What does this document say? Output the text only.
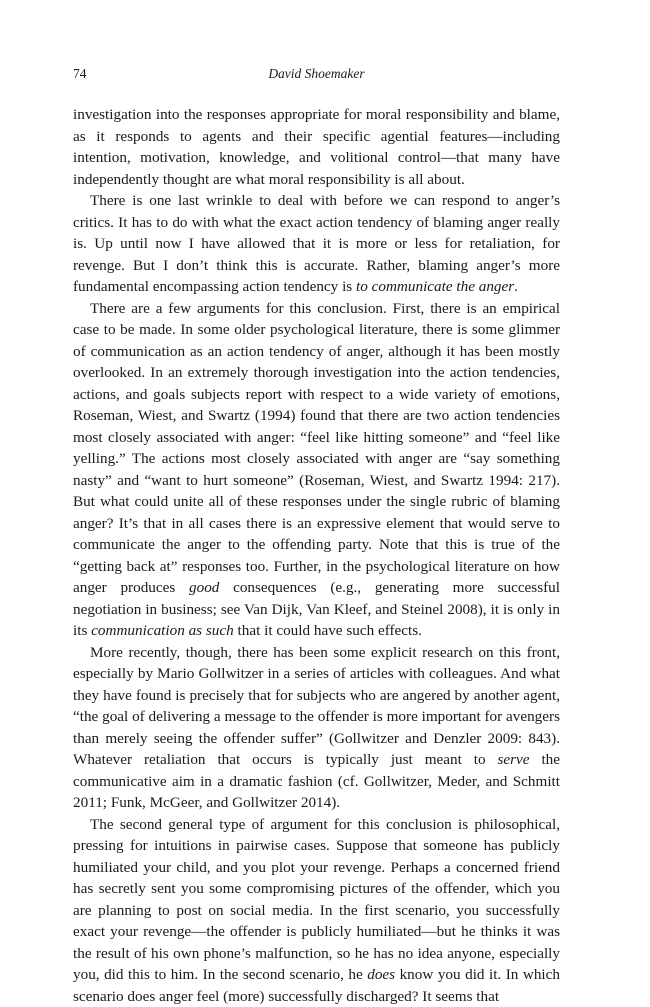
74	David Shoemaker

investigation into the responses appropriate for moral responsibility and blame, as it responds to agents and their specific agential features—including intention, motivation, knowledge, and volitional control—that many have independently thought are what moral responsibility is all about.

There is one last wrinkle to deal with before we can respond to anger’s critics. It has to do with what the exact action tendency of blaming anger really is. Up until now I have allowed that it is more or less for retaliation, for revenge. But I don’t think this is accurate. Rather, blaming anger’s more fundamental encompassing action tendency is to communicate the anger.

There are a few arguments for this conclusion. First, there is an empirical case to be made. In some older psychological literature, there is some glimmer of communication as an action tendency of anger, although it has been mostly overlooked. In an extremely thorough investigation into the action tendencies, actions, and goals subjects report with respect to a wide variety of emotions, Roseman, Wiest, and Swartz (1994) found that there are two action tendencies most closely associated with anger: “feel like hitting someone” and “feel like yelling.” The actions most closely associated with anger are “say something nasty” and “want to hurt someone” (Roseman, Wiest, and Swartz 1994: 217). But what could unite all of these responses under the single rubric of blaming anger? It’s that in all cases there is an expressive element that would serve to communicate the anger to the offending party. Note that this is true of the “getting back at” responses too. Further, in the psychological literature on how anger produces good consequences (e.g., generating more successful negotiation in business; see Van Dijk, Van Kleef, and Steinel 2008), it is only in its communication as such that it could have such effects.

More recently, though, there has been some explicit research on this front, especially by Mario Gollwitzer in a series of articles with colleagues. And what they have found is precisely that for subjects who are angered by another agent, “the goal of delivering a message to the offender is more important for avengers than merely seeing the offender suffer” (Gollwitzer and Denzler 2009: 843). Whatever retaliation that occurs is typically just meant to serve the communicative aim in a dramatic fashion (cf. Gollwitzer, Meder, and Schmitt 2011; Funk, McGeer, and Gollwitzer 2014).

The second general type of argument for this conclusion is philosophical, pressing for intuitions in pairwise cases. Suppose that someone has publicly humiliated your child, and you plot your revenge. Perhaps a concerned friend has secretly sent you some compromising pictures of the offender, which you are planning to post on social media. In the first scenario, you successfully exact your revenge—the offender is publicly humiliated—but he thinks it was the result of his own phone’s malfunction, so he has no idea anyone, especially you, did this to him. In the second scenario, he does know you did it. In which scenario does anger feel (more) successfully discharged? It seems that
